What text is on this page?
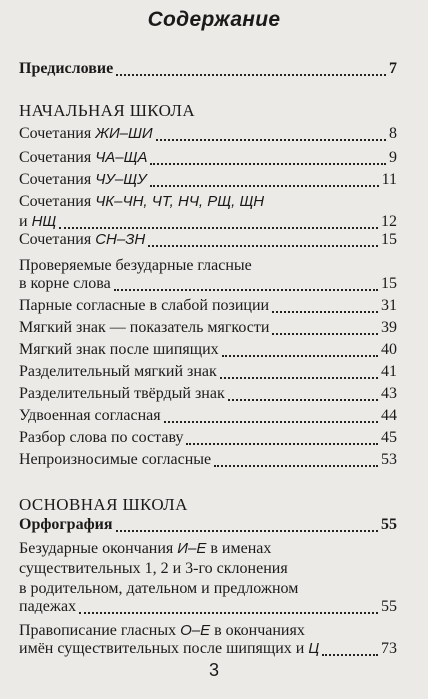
Содержание
Предисловие	7
НАЧАЛЬНАЯ ШКОЛА
Сочетания ЖИ–ШИ	8
Сочетания ЧА–ЩА	9
Сочетания ЧУ–ЩУ	11
Сочетания ЧК–ЧН, ЧТ, НЧ, РЩ, ЩН
и НЩ	12
Сочетания СН–ЗН	15
Проверяемые безударные гласные
в корне слова	15
Парные согласные в слабой позиции	31
Мягкий знак — показатель мягкости	39
Мягкий знак после шипящих	40
Разделительный мягкий знак	41
Разделительный твёрдый знак	43
Удвоенная согласная	44
Разбор слова по составу	45
Непроизносимые согласные	53
ОСНОВНАЯ ШКОЛА
Орфография	55
Безударные окончания И–Е в именах
существительных 1, 2 и 3-го склонения
в родительном, дательном и предложном
падежах	55
Правописание гласных О–Е в окончаниях
имён существительных после шипящих и Ц	73
3
